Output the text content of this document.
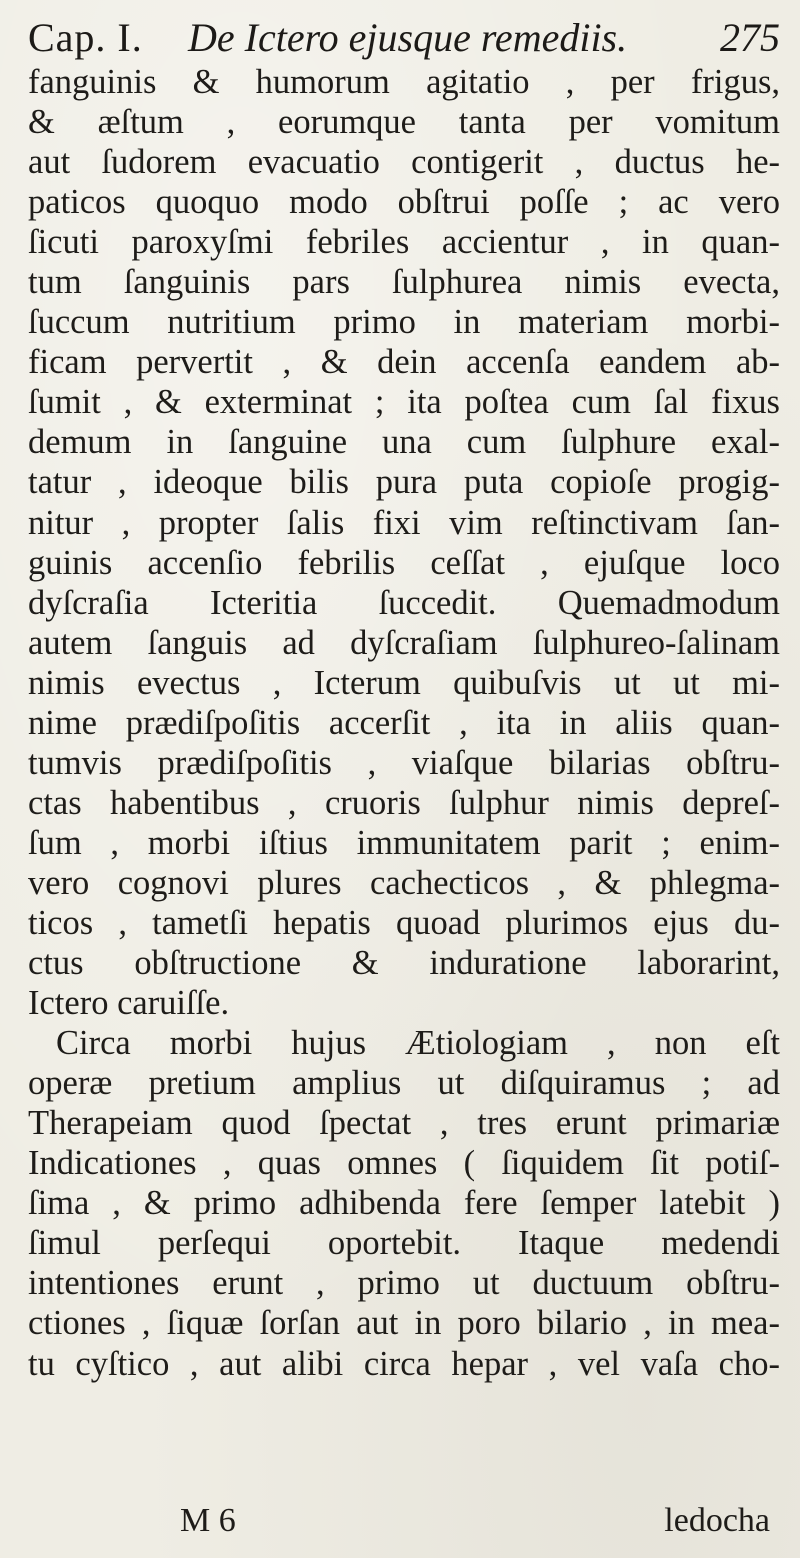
Cap. I. De Ictero ejusque remediis. 275
fanguinis & humorum agitatio , per frigus,
& æſtum , eorumque tanta per vomitum
aut ſudorem evacuatio contigerit , ductus he-
paticos quoquo modo obſtrui poſſe ; ac vero
ſicuti paroxyſmi febriles accientur , in quan-
tum ſanguinis pars ſulphurea nimis evecta,
ſuccum nutritium primo in materiam morbi-
ficam pervertit , & dein accenſa eandem ab-
ſumit , & exterminat ; ita poſtea cum ſal fixus
demum in ſanguine una cum ſulphure exal-
tatur , ideoque bilis pura puta copioſe progig-
nitur , propter ſalis fixi vim reſtinctivam ſan-
guinis accenſio febrilis ceſſat , ejuſque loco
dyſcraſia Icteritia ſuccedit. Quemadmodum
autem ſanguis ad dyſcraſiam ſulphureo-ſalinam
nimis evectus , Icterum quibuſvis ut ut mi-
nime prædiſpoſitis accerſit , ita in aliis quan-
tumvis prædiſpoſitis , viaſque bilarias obſtru-
ctas habentibus , cruoris ſulphur nimis depreſ-
ſum , morbi iſtius immunitatem parit ; enim-
vero cognovi plures cachecticos , & phlegma-
ticos , tametſi hepatis quoad plurimos ejus du-
ctus obſtructione & induratione laborarint,
Ictero caruiſſe.
Circa morbi hujus Ætiologiam , non eſt
operæ pretium amplius ut diſquiramus ; ad
Therapeiam quod ſpectat , tres erunt primariæ
Indicationes , quas omnes ( ſiquidem ſit potiſ-
ſima , & primo adhibenda fere ſemper latebit )
ſimul perſequi oportebit. Itaque medendi
intentiones erunt , primo ut ductuum obſtru-
ctiones , ſiquæ ſorſan aut in poro bilario , in mea-
tu cyſtico , aut alibi circa hepar , vel vaſa cho-
M 6	ledocha
